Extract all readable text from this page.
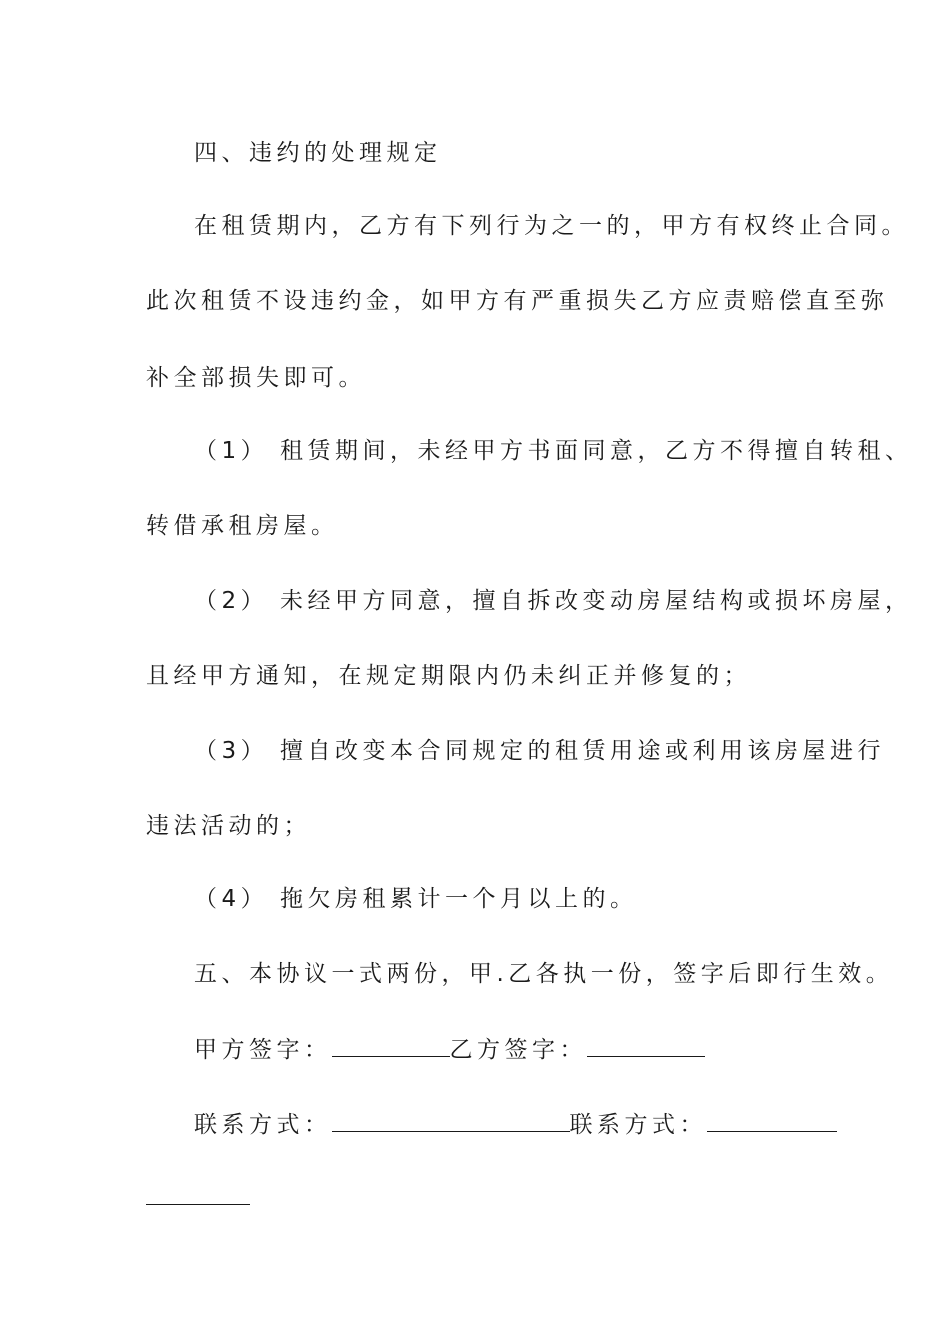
四、违约的处理规定
在租赁期内，乙方有下列行为之一的，甲方有权终止合同。
此次租赁不设违约金，如甲方有严重损失乙方应责赔偿直至弥
补全部损失即可。
（1） 租赁期间，未经甲方书面同意，乙方不得擅自转租、
转借承租房屋。
（2） 未经甲方同意，擅自拆改变动房屋结构或损坏房屋，
且经甲方通知，在规定期限内仍未纠正并修复的；
（3） 擅自改变本合同规定的租赁用途或利用该房屋进行
违法活动的；
（4） 拖欠房租累计一个月以上的。
五、本协议一式两份，甲.乙各执一份，签字后即行生效。
甲方签字：	乙方签字：
联系方式：	联系方式：
